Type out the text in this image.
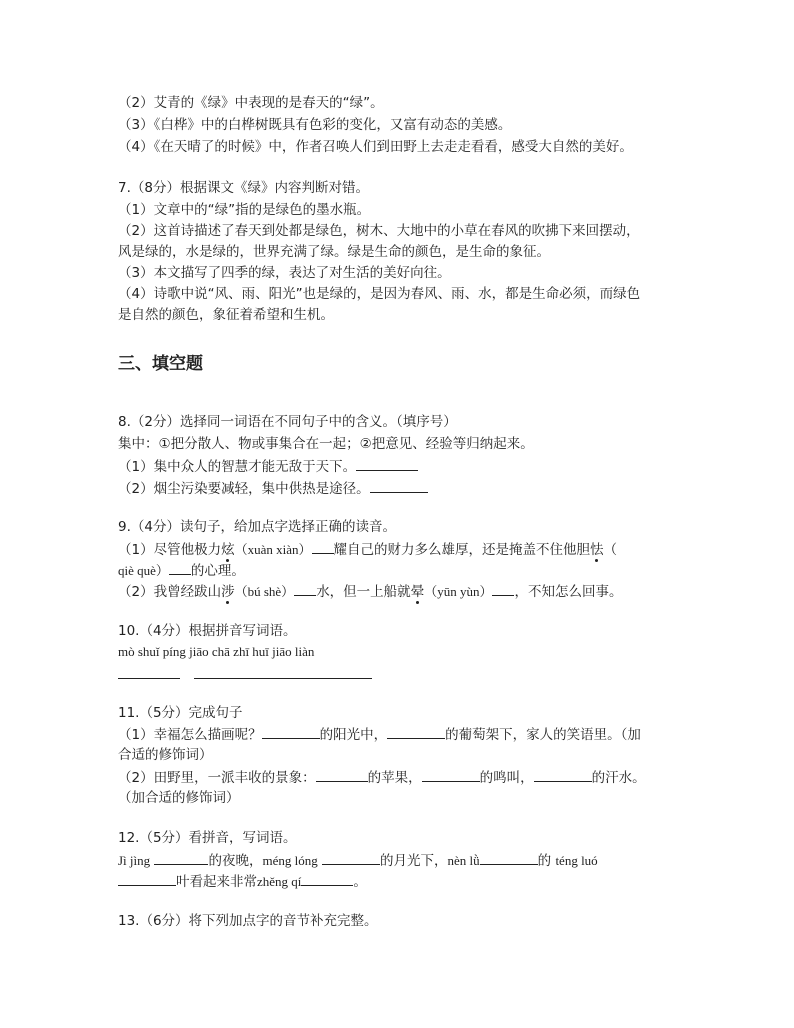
（2）艾青的《绿》中表现的是春天的“绿”。
（3）《白桦》中的白桦树既具有色彩的变化，又富有动态的美感。
（4）《在天晴了的时候》中，作者召唤人们到田野上去走走看看，感受大自然的美好。
7.（8分）根据课文《绿》内容判断对错。
（1）文章中的“绿”指的是绿色的墨水瓶。
（2）这首诗描述了春天到处都是绿色，树木、大地中的小草在春风的吹拂下来回摆动，
风是绿的，水是绿的，世界充满了绿。绿是生命的颜色，是生命的象征。
（3）本文描写了四季的绿，表达了对生活的美好向往。
（4）诗歌中说“风、雨、阳光”也是绿的，是因为春风、雨、水，都是生命必须，而绿色
是自然的颜色，象征着希望和生机。
三、填空题
8.（2分）选择同一词语在不同句子中的含义。（填序号）
集中：①把分散人、物或事集合在一起；②把意见、经验等归纳起来。
（1）集中众人的智慧才能无敌于天下。
（2）烟尘污染要减轻，集中供热是途径。
9.（4分）读句子，给加点字选择正确的读音。
（1）尽管他极力炫（xuàn xiàn） 耀自己的财力多么雄厚，还是掩盖不住他胆怯（
qiè què） 的心理。
（2）我曾经跋山涉（bú shè） 水，但一上船就晕（yūn yùn） ，不知怎么回事。
10.（4分）根据拼音写词语。
mò shuǐ píng jiāo chā zhī huī jiāo liàn
11.（5分）完成句子
（1）幸福怎么描画呢？	的阳光中，	的葡萄架下，家人的笑语里。（加
合适的修饰词）
（2）田野里，一派丰收的景象：	的苹果，	的鸣叫，	的汗水。
（加合适的修饰词）
12.（5分）看拼音，写词语。
Jì jìng	的夜晚，méng lóng	的月光下，nèn lǜ	的 téng luó
叶看起来非常zhěng qí	。
13.（6分）将下列加点字的音节补充完整。
